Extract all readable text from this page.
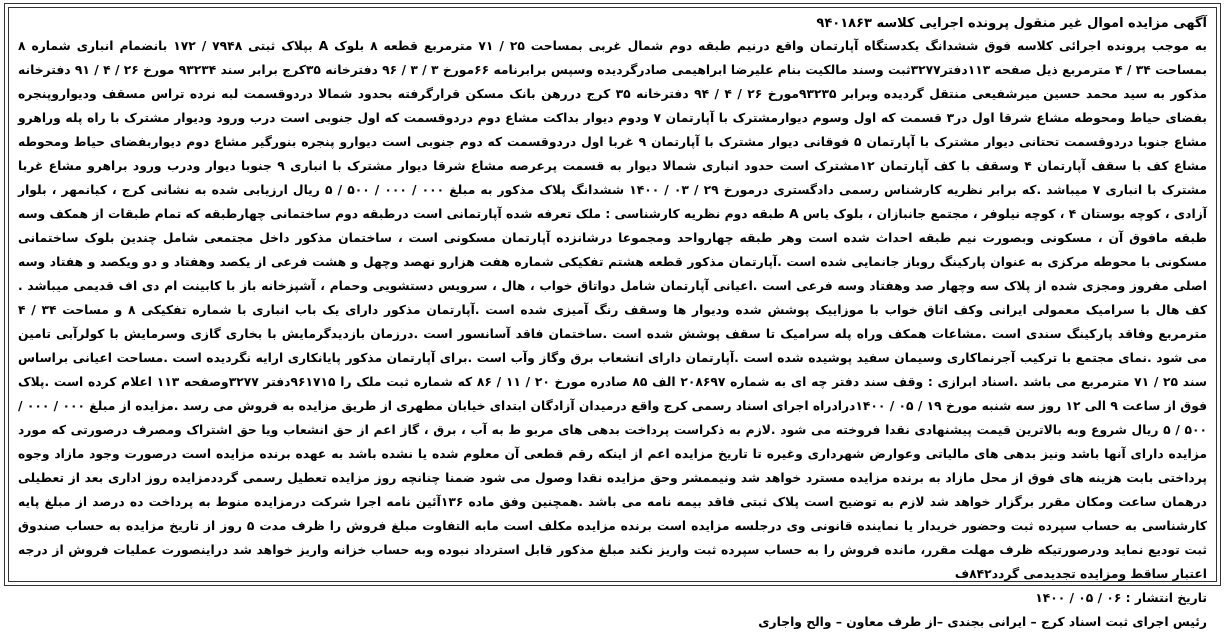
آگهی مزایده اموال غیر منقول پرونده اجرایی کلاسه ۹۴۰۱۸۶۳

به موجب پرونده اجرائی کلاسه فوق ششدانگ یکدستگاه آپارتمان واقع درنیم طبقه دوم شمال غربی بمساحت ۲۵ / ۷۱ مترمربع قطعه ۸ بلوک A بپلاک ثبتی ۷۹۴۸ / ۱۷۲ بانضمام انباری شماره ۸ بمساحت ۳۴ / ۴ مترمربع ذیل صفحه ۱۱۳دفتر۳۲۷۷ثبت وسند مالکیت بنام علیرضا ابراهیمی صادرگردیده وسپس برابرنامه ۶۶مورخ ۳ / ۳ / ۹۶ دفترخانه ۳۵کرج برابر سند ۹۳۲۳۴ مورخ ۲۶ / ۴ / ۹۱ دفترخانه مذکور به سید محمد حسین میرشفیعی منتقل گردیده وبرابر ۹۳۲۳۵مورخ ۲۶ / ۴ / ۹۴ دفترخانه ۳۵ کرج دررهن بانک مسکن قرارگرفته بحدود شمالا دردوقسمت لبه نرده تراس مسقف ودیواروپنجره بفضای حیاط ومحوطه مشاع شرقا اول در۳ قسمت که اول وسوم دیوارمشترک با آپارتمان ۷ ودوم دیوار بداکت مشاع دوم دردوقسمت که اول جنوبی است درب ورود ودیوار مشترک با راه پله وراهرو مشاع جنوبا دردوقسمت تحتانی دیوار مشترک با آپارتمان ۵ فوقانی دیوار مشترک با آپارتمان ۹ غربا اول دردوقسمت که دوم جنوبی است دیوارو پنجره بنورگیر مشاع دوم دیواربفضای حیاط ومحوطه مشاع کف با سقف آپارتمان ۴ وسقف با کف آپارتمان ۱۲مشترک است حدود انباری شمالا دیوار به قسمت پرعرصه مشاع شرقا دیوار مشترک با انباری ۹ جنوبا دیوار ودرب ورود براهرو مشاع غربا مشترک با انباری ۷ میباشد .که برابر نظریه کارشناس رسمی دادگستری درمورخ ۲۹ / ۰۳ / ۱۴۰۰ ششدانگ پلاک مذکور به مبلغ ۰۰۰ / ۰۰۰ / ۵۰۰ / ۵ ریال ارزیابی شده به نشانی کرج ، کیانمهر ، بلوار آزادی ، کوچه بوستان ۴ ، کوچه نیلوفر ، مجتمع جانبازان ، بلوک یاس A طبقه دوم نظریه کارشناسی : ملک تعرفه شده آپارتمانی است درطبقه دوم ساختمانی چهارطبقه که تمام طبقات از همکف وسه طبقه مافوق آن ، مسکونی وبصورت نیم طبقه احداث شده است وهر طبقه چهارواحد ومجموعا درشانزده آپارتمان مسکونی است ، ساختمان مذکور داخل مجتمعی شامل چندین بلوک ساختمانی مسکونی با محوطه مرکزی به عنوان پارکینگ روباز جانمایی شده است .آپارتمان مذکور قطعه هشتم تفکیکی شماره هفت هزارو نهصد وچهل و هشت فرعی از یکصد وهفتاد و دو ویکصد و هفتاد وسه اصلی مفروز ومجزی شده از پلاک سه وچهار صد وهفتاد وسه فرعی است .اعیانی آپارتمان شامل دواتاق خواب ، هال ، سرویس دستشویی وحمام ، آشپزخانه باز با کابینت ام دی اف قدیمی میباشد . کف هال با سرامیک معمولی ایرانی وکف اتاق خواب با موزاییک پوشش شده ودیوار ها وسقف رنگ آمیزی شده است .آپارتمان مذکور دارای یک باب انباری با شماره تفکیکی ۸ و مساحت ۳۴ / ۴ مترمربع وفاقد پارکینگ سندی است .مشاعات همکف وراه پله سرامیک تا سقف پوشش شده است .ساختمان فاقد آسانسور است .درزمان بازدیدگرمایش با بخاری گازی وسرمایش با کولرآبی تامین می شود .نمای مجتمع با ترکیب آجرنماکاری وسیمان سفید پوشیده شده است .آپارتمان دارای انشعاب برق وگاز وآب است .برای آپارتمان مذکور پایانکاری ارایه نگردیده است .مساحت اعیانی براساس سند ۲۵ / ۷۱ مترمربع می باشد .اسناد ابرازی : وقف سند دفتر چه ای به شماره ۲۰۸۶۹۷ الف ۸۵ صادره مورخ ۲۰ / ۱۱ / ۸۶ که شماره ثبت ملک را ۹۶۱۷۱۵دفتر ۳۲۷۷وصفحه ۱۱۳ اعلام کرده است .پلاک فوق از ساعت ۹ الی ۱۲ روز سه شنبه مورخ ۱۹ / ۰۵ / ۱۴۰۰درادراه اجرای اسناد رسمی کرج واقع درمیدان آزادگان ابتدای خیابان مطهری از طریق مزایده به فروش می رسد .مزایده از مبلغ ۰۰۰ / ۰۰۰ / ۵۰۰ / ۵ ریال شروع وبه بالاترین قیمت پیشنهادی نقدا فروخته می شود .لازم به ذکراست پرداخت بدهی های مربو ط به آب ، برق ، گاز اعم از حق انشعاب ویا حق اشتراک ومصرف درصورتی که مورد مزایده دارای آنها باشد ونیز بدهی های مالیاتی وعوارض شهرداری وغیره تا تاریخ مزایده اعم از اینکه رقم قطعی آن معلوم شده یا نشده باشد به عهده برنده مزایده است درصورت وجود مازاد وجوه پرداختی بابت هزینه های فوق از محل مازاد به برنده مزایده مسترد خواهد شد ونیممشر وحق مزایده نقدا وصول می شود ضمنا چنانچه روز مزایده تعطیل رسمی گرددمزایده روز اداری بعد از تعطیلی درهمان ساعت ومکان مقرر برگزار خواهد شد لازم به توضیح است پلاک ثبتی فاقد بیمه نامه می باشد .همچنین وفق ماده ۱۳۶آئین نامه اجرا شرکت درمزایده منوط به پرداخت ده درصد از مبلغ پایه کارشناسی به حساب سپرده ثبت وحضور خریدار یا نماینده قانونی وی درجلسه مزایده است برنده مزایده مکلف است مابه التفاوت مبلغ فروش را ظرف مدت ۵ روز از تاریخ مزایده به حساب صندوق ثبت تودیع نماید ودرصورتیکه ظرف مهلت مقرر، مانده فروش را به حساب سپرده ثبت واریز نکند مبلغ مذکور قابل استرداد نبوده وبه حساب خزانه واریز خواهد شد دراینصورت عملیات فروش از درجه اعتبار ساقط ومزایده تجدیدمی گردد۸۴۲ف

تاریخ انتشار : ۰۶ / ۰۵ / ۱۴۰۰
رئیس اجرای ثبت اسناد کرج – ایرانی بجندی –از طرف معاون – والح واجاری
